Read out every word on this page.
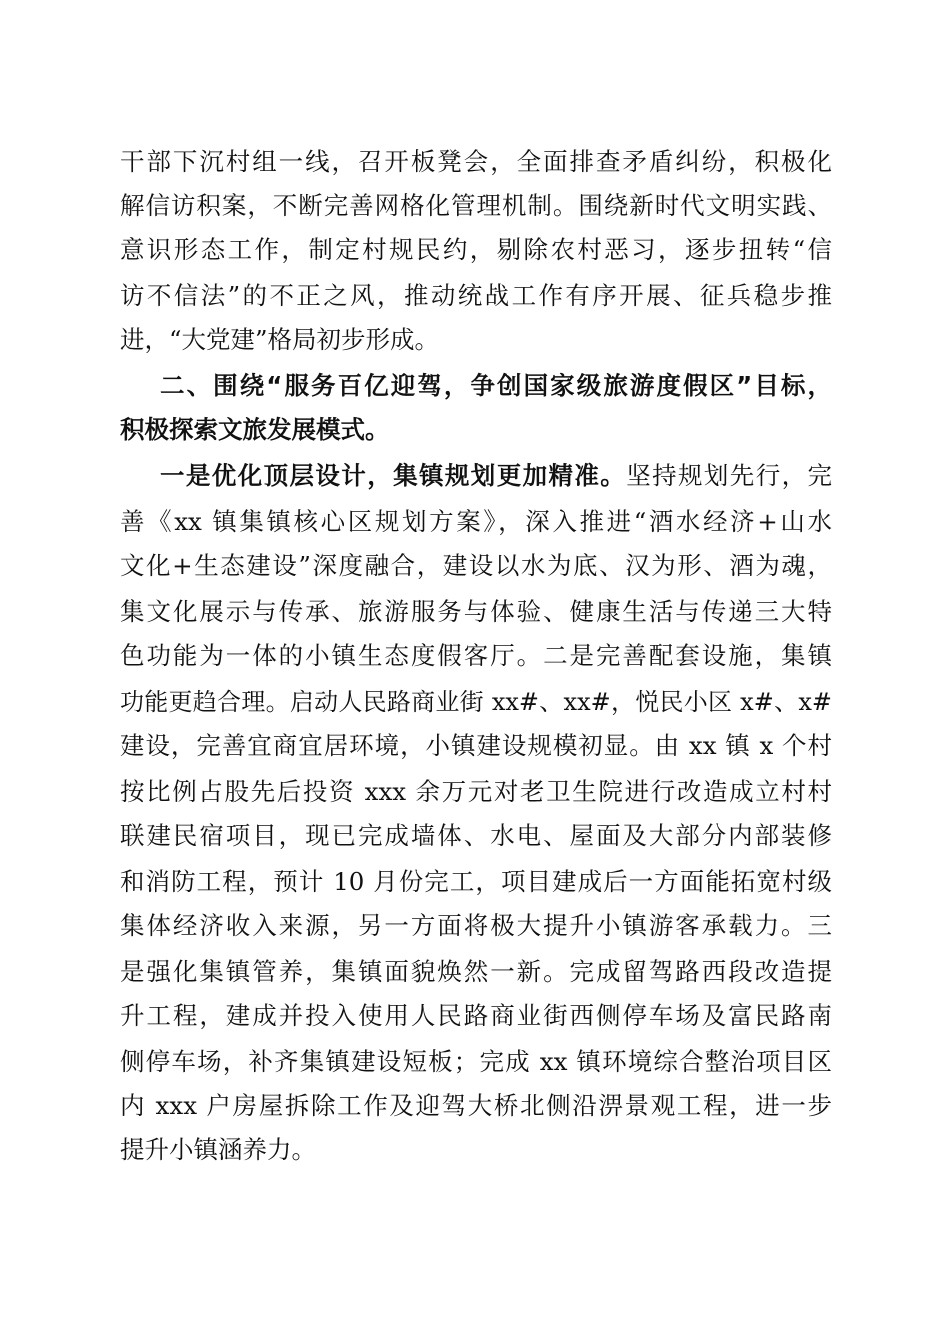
干部下沉村组一线，召开板凳会，全面排查矛盾纠纷，积极化
解信访积案，不断完善网格化管理机制。围绕新时代文明实践、
意识形态工作，制定村规民约，剔除农村恶习，逐步扭转“信
访不信法”的不正之风，推动统战工作有序开展、征兵稳步推
进，“大党建”格局初步形成。
二、围绕“服务百亿迎驾，争创国家级旅游度假区”目标，
积极探索文旅发展模式。
一是优化顶层设计，集镇规划更加精准。坚持规划先行，完
善《xx 镇集镇核心区规划方案》，深入推进“酒水经济+山水
文化+生态建设”深度融合，建设以水为底、汉为形、酒为魂，
集文化展示与传承、旅游服务与体验、健康生活与传递三大特
色功能为一体的小镇生态度假客厅。二是完善配套设施，集镇
功能更趋合理。启动人民路商业街 xx#、xx#，悦民小区 x#、x#
建设，完善宜商宜居环境，小镇建设规模初显。由 xx 镇 x 个村
按比例占股先后投资 xxx 余万元对老卫生院进行改造成立村村
联建民宿项目，现已完成墙体、水电、屋面及大部分内部装修
和消防工程，预计 10 月份完工，项目建成后一方面能拓宽村级
集体经济收入来源，另一方面将极大提升小镇游客承载力。三
是强化集镇管养，集镇面貌焕然一新。完成留驾路西段改造提
升工程，建成并投入使用人民路商业街西侧停车场及富民路南
侧停车场，补齐集镇建设短板；完成 xx 镇环境综合整治项目区
内 xxx 户房屋拆除工作及迎驾大桥北侧沿淠景观工程，进一步
提升小镇涵养力。
